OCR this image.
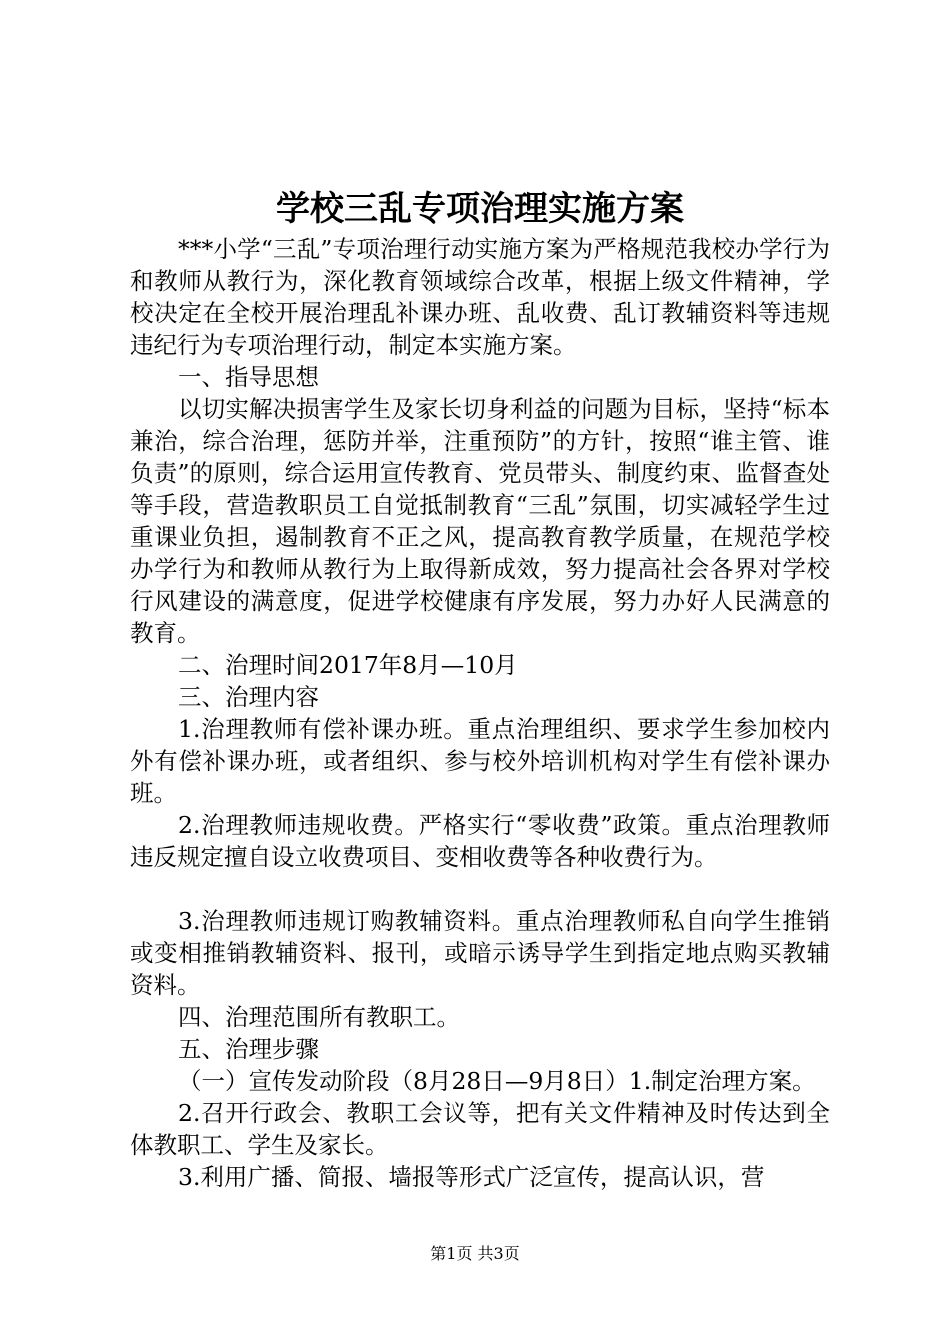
学校三乱专项治理实施方案

***小学“三乱”专项治理行动实施方案为严格规范我校办学行为和教师从教行为，深化教育领域综合改革，根据上级文件精神，学校决定在全校开展治理乱补课办班、乱收费、乱订教辅资料等违规违纪行为专项治理行动，制定本实施方案。

一、指导思想

以切实解决损害学生及家长切身利益的问题为目标，坚持“标本兼治，综合治理，惩防并举，注重预防”的方针，按照“谁主管、谁负责”的原则，综合运用宣传教育、党员带头、制度约束、监督查处等手段，营造教职员工自觉抵制教育“三乱”氛围，切实减轻学生过重课业负担，遏制教育不正之风，提高教育教学质量，在规范学校办学行为和教师从教行为上取得新成效，努力提高社会各界对学校行风建设的满意度，促进学校健康有序发展，努力办好人民满意的教育。

二、治理时间2017年8月—10月

三、治理内容

1.治理教师有偿补课办班。重点治理组织、要求学生参加校内外有偿补课办班，或者组织、参与校外培训机构对学生有偿补课办班。

2.治理教师违规收费。严格实行“零收费”政策。重点治理教师违反规定擅自设立收费项目、变相收费等各种收费行为。

3.治理教师违规订购教辅资料。重点治理教师私自向学生推销或变相推销教辅资料、报刊，或暗示诱导学生到指定地点购买教辅资料。

四、治理范围所有教职工。

五、治理步骤

（一）宣传发动阶段（8月28日—9月8日）1.制定治理方案。

2.召开行政会、教职工会议等，把有关文件精神及时传达到全体教职工、学生及家长。

3.利用广播、简报、墙报等形式广泛宣传，提高认识，营

第1页 共3页
